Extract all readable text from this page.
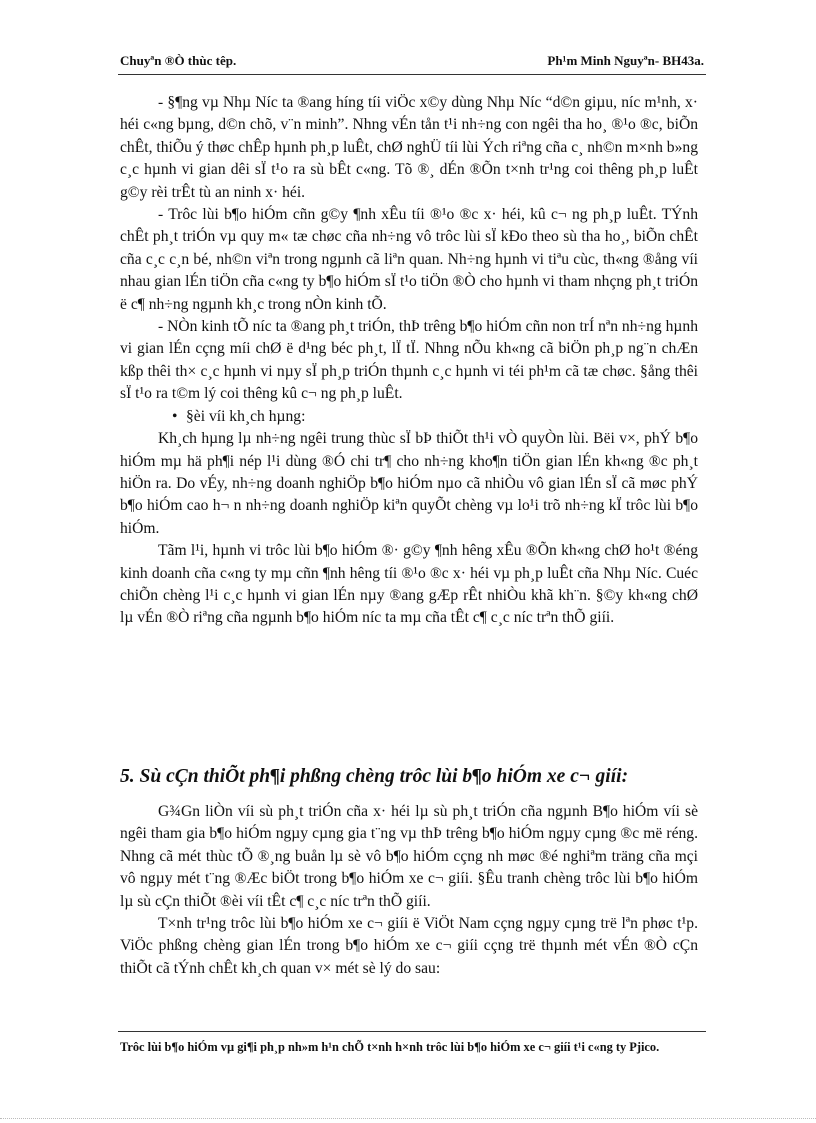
Chuyªn ®Ò thùc têp.	Ph¹m Minh Nguyªn- BH43a.

- §¶ng vµ Nhµ Níc ta ®ang híng tíi viÖc x©y dùng Nhµ Níc “d©n giµu, níc m¹nh, x· héi c«ng bµng, d©n chõ, v¨n minh”. Nhng vÉn tån t¹i nh÷ng con ngêi tha ho¸ ®¹o ®c, biÕn chÊt, thiÕu ý thøc chÊp hµnh ph¸p luÊt, chØ nghÜ tíi lùi Ých riªng cña c¸ nh©n m×nh b»ng c¸c hµnh vi gian dêi sÏ t¹o ra sù bÊt c«ng. Tõ ®¸ dÉn ®Õn t×nh tr¹ng coi thêng ph¸p luÊt g©y rèi trÊt tù an ninh x· héi.

- Trôc lùi b¶o hiÓm cñn g©y ¶nh xÊu tíi ®¹o ®c x· héi, kû c¬ ng ph¸p luÊt. TÝnh chÊt ph¸t triÓn vµ quy m« tæ chøc cña nh÷ng vô trôc lùi sÏ kÐo theo sù tha ho¸, biÕn chÊt cña c¸c c¸n bé, nh©n viªn trong ngµnh cã liªn quan. Nh÷ng hµnh vi tiªu cùc, th«ng ®ång víi nhau gian lÉn tiÖn cña c«ng ty b¶o hiÓm sÏ t¹o tiÖn ®Ò cho hµnh vi tham nhçng ph¸t triÓn ë c¶ nh÷ng ngµnh kh¸c trong nÒn kinh tÕ.

- NÒn kinh tÕ níc ta ®ang ph¸t triÓn, thÞ trêng b¶o hiÓm cñn non trÍ nªn nh÷ng hµnh vi gian lÉn cçng míi chØ ë d¹ng béc ph¸t, lÏ tÏ. Nhng nÕu kh«ng cã biÖn ph¸p ng¨n chÆn kßp thêi th× c¸c hµnh vi nµy sÏ ph¸p triÓn thµnh c¸c hµnh vi téi ph¹m cã tæ chøc. §ång thêi sÏ t¹o ra t©m lý coi thêng kû c¬ ng ph¸p luÊt.

• §èi víi kh¸ch hµng:

Kh¸ch hµng lµ nh÷ng ngêi trung thùc sÏ bÞ thiÕt th¹i vÒ quyÒn lùi. Bëi v×, phÝ b¶o hiÓm mµ hä ph¶i nép l¹i dùng ®Ó chi tr¶ cho nh÷ng kho¶n tiÖn gian lÉn kh«ng ®c ph¸t hiÖn ra. Do vÉy, nh÷ng doanh nghiÖp b¶o hiÓm nµo cã nhiÒu vô gian lÉn sÏ cã møc phÝ b¶o hiÓm cao h¬ n nh÷ng doanh nghiÖp kiªn quyÕt chèng vµ lo¹i trõ nh÷ng kÏ trôc lùi b¶o hiÓm.

Tãm l¹i, hµnh vi trôc lùi b¶o hiÓm ®· g©y ¶nh hêng xÊu ®Õn kh«ng chØ ho¹t ®éng kinh doanh cña c«ng ty mµ cñn ¶nh hêng tíi ®¹o ®c x· héi vµ ph¸p luÊt cña Nhµ Níc. Cuéc chiÕn chèng l¹i c¸c hµnh vi gian lÉn nµy ®ang gÆp rÊt nhiÒu khã kh¨n. §©y kh«ng chØ lµ vÉn ®Ò riªng cña ngµnh b¶o hiÓm níc ta mµ cña tÊt c¶ c¸c níc trªn thÕ giíi.

5. Sù cÇn thiÕt ph¶i phßng chèng trôc lùi b¶o hiÓm xe c¬ giíi:

G¾Gn liÒn víi sù ph¸t triÓn cña x· héi lµ sù ph¸t triÓn cña ngµnh B¶o hiÓm víi sè ngêi tham gia b¶o hiÓm ngµy cµng gia t¨ng vµ thÞ trêng b¶o hiÓm ngµy cµng ®c më réng. Nhng cã mét thùc tÕ ®¸ng buån lµ sè vô b¶o hiÓm cçng nh møc ®é nghiªm träng cña mçi vô ngµy mét t¨ng ®Æc biÖt trong b¶o hiÓm xe c¬ giíi. §Êu tranh chèng trôc lùi b¶o hiÓm lµ sù cÇn thiÕt ®èi víi tÊt c¶ c¸c níc trªn thÕ giíi.

T×nh tr¹ng trôc lùi b¶o hiÓm xe c¬ giíi ë ViÖt Nam cçng ngµy cµng trë lªn phøc t¹p. ViÖc phßng chèng gian lÉn trong b¶o hiÓm xe c¬ giíi cçng trë thµnh mét vÉn ®Ò cÇn thiÕt cã tÝnh chÊt kh¸ch quan v× mét sè lý do sau:

Trôc lùi b¶o hiÓm vµ gi¶i ph¸p nh»m h¹n chÕ t×nh h×nh trôc lùi b¶o hiÓm xe c¬ giíi t¹i c«ng ty Pjico.
